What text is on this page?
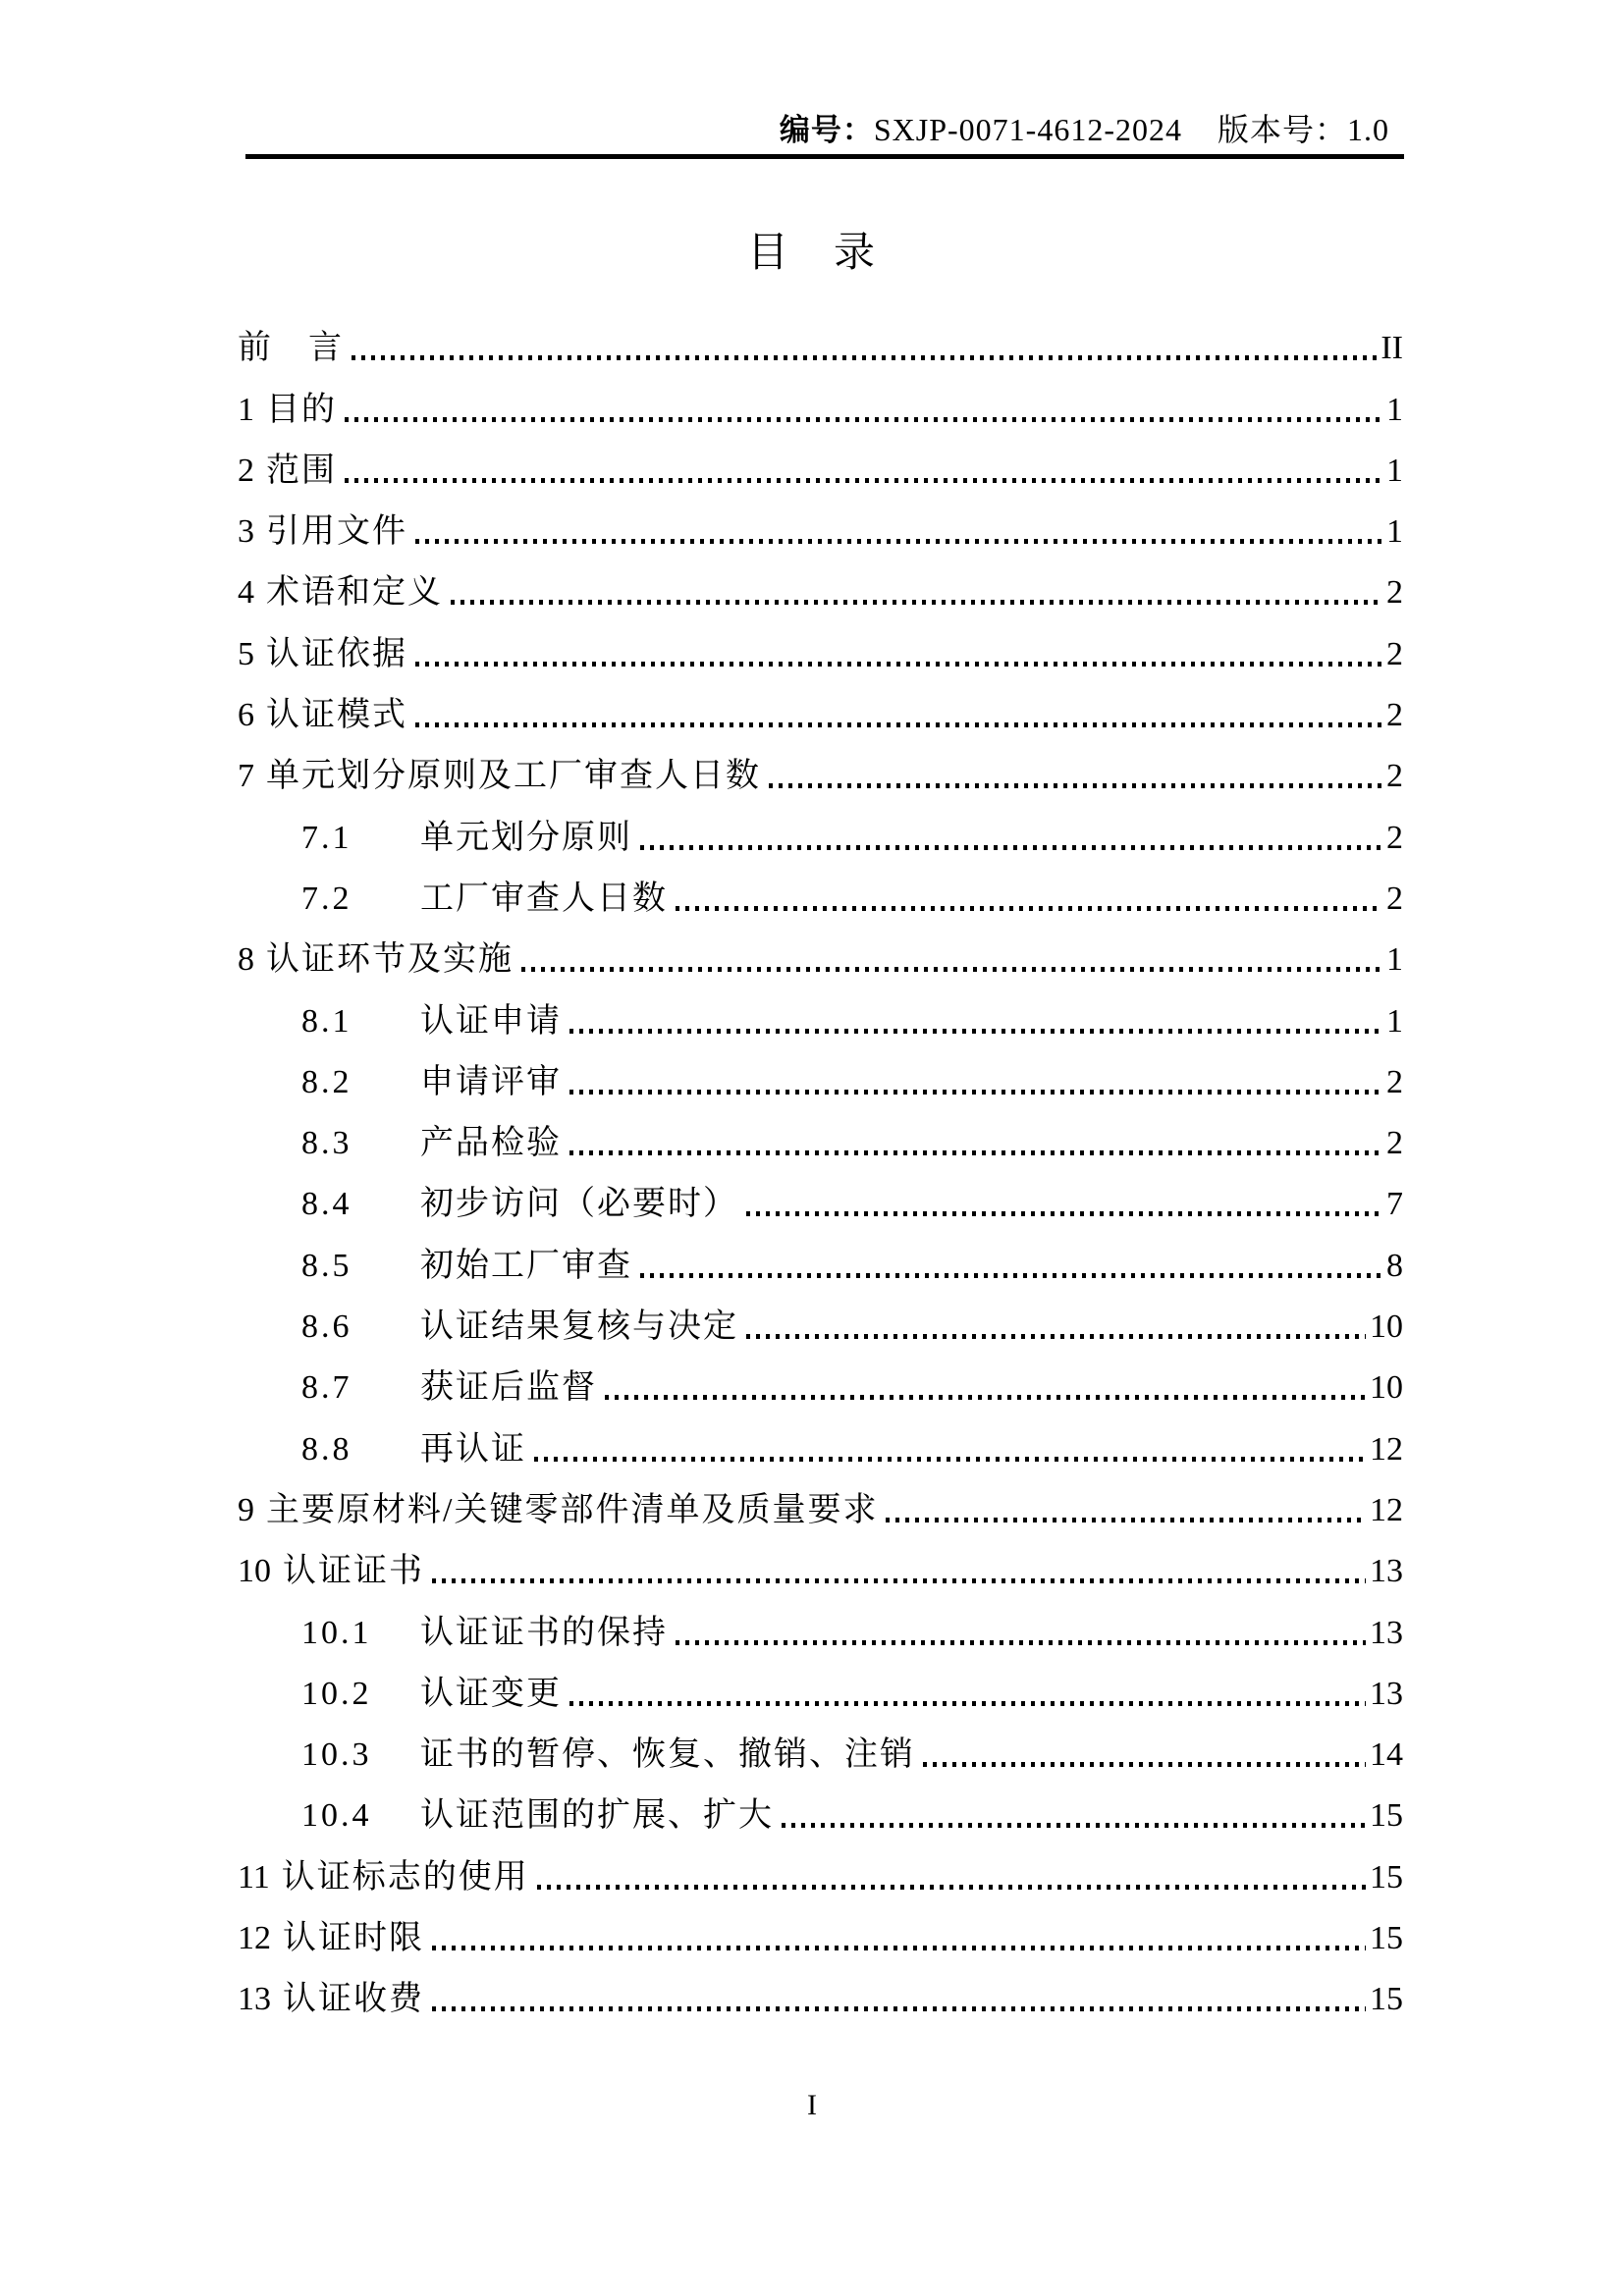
编号：SXJP-0071-4612-2024 版本号：1.0
目　录
前　言	II
1 目的	1
2 范围	1
3 引用文件	1
4 术语和定义	2
5 认证依据	2
6 认证模式	2
7 单元划分原则及工厂审查人日数	2
7.1	单元划分原则	2
7.2	工厂审查人日数	2
8 认证环节及实施	1
8.1	认证申请	1
8.2	申请评审	2
8.3	产品检验	2
8.4	初步访问（必要时）	7
8.5	初始工厂审查	8
8.6	认证结果复核与决定	10
8.7	获证后监督	10
8.8	再认证	12
9 主要原材料/关键零部件清单及质量要求	12
10 认证证书	13
10.1	认证证书的保持	13
10.2	认证变更	13
10.3	证书的暂停、恢复、撤销、注销	14
10.4	认证范围的扩展、扩大	15
11 认证标志的使用	15
12 认证时限	15
13 认证收费	15
I
